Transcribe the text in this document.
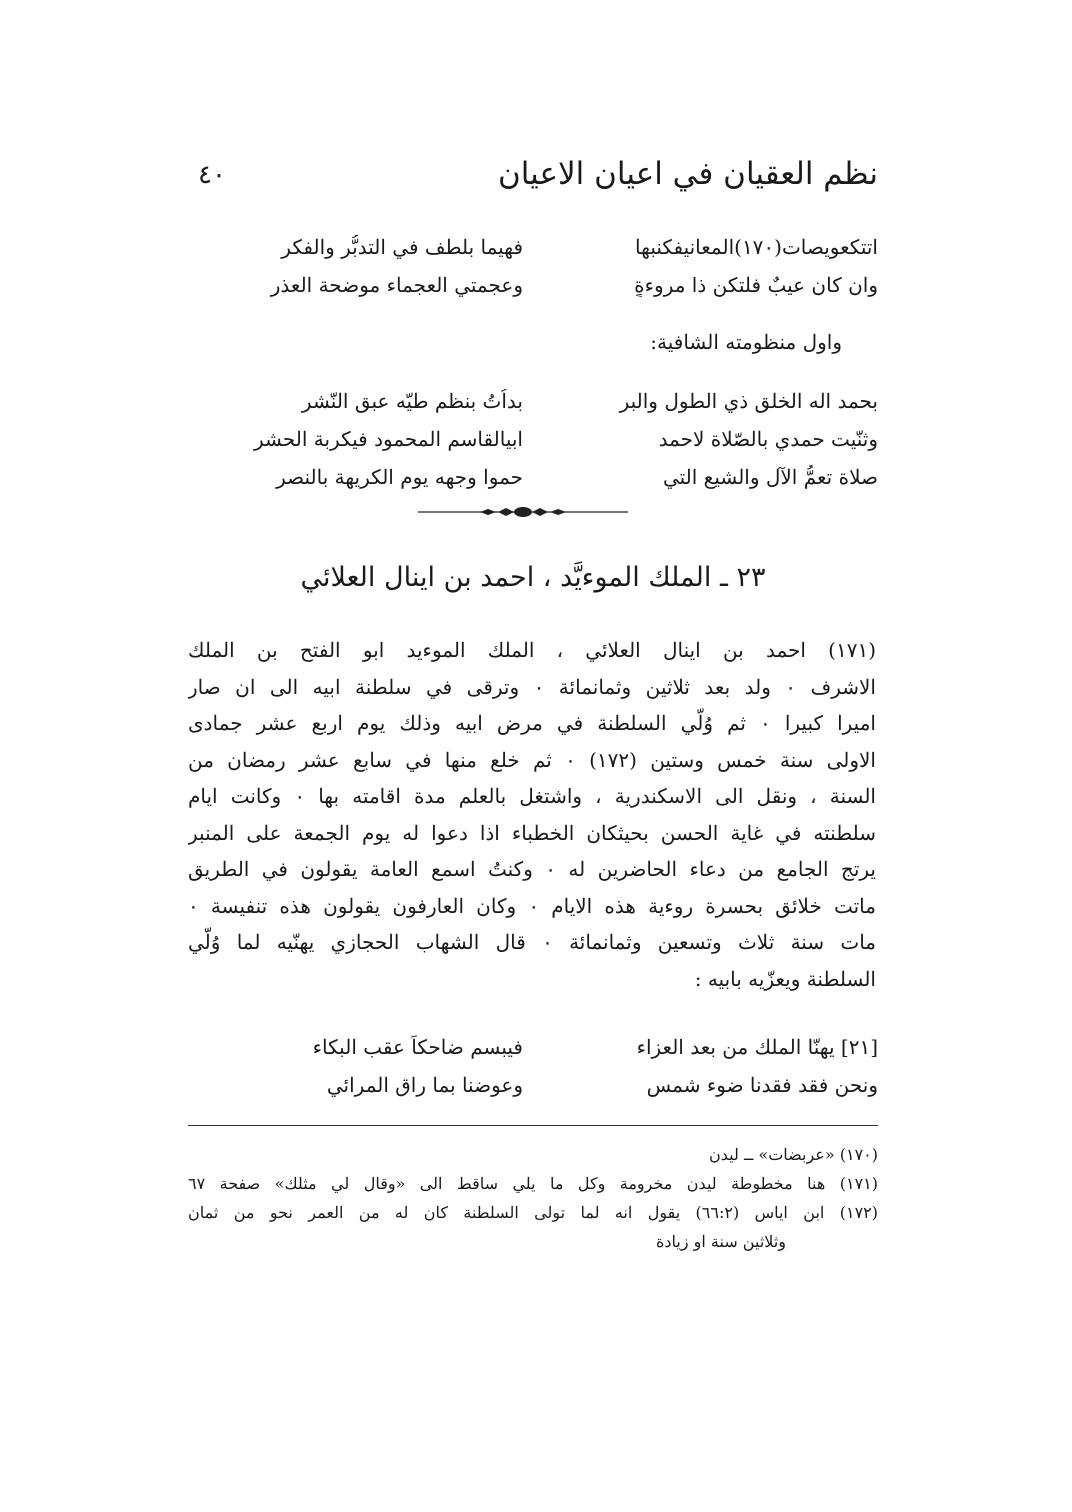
نظم العقيان في اعيان الاعيان
٤٠
اتتكعويصات(١٧٠)المعانيفكنبها
فهيما بلطف في التدبُّر والفكر
وان كان عيبٌ فلتكن ذا مروءةٍ
وعجمتي العجماء موضحة العذرِ
واول منظومته الشافية:
بحمد اله الخلق ذي الطول والبر
بداُتُ بنظم طيّه عبق النّشرِ
وثنّيت حمدي بالصّلاة لاحمد
ابيالقاسم المحمود فيكربة الحشر
صلاة تعمُّ الآل والشيع التي
حموا وجهه يوم الكريهة بالنصر
٢٣ ـ الملك الموءيَّد ، احمد بن اينال العلائي
(١٧١) احمد بن اينال العلائي ، الملك الموءيد ابو الفتح بن الملك
الاشرف ٠ ولد بعد ثلاثين وثمانمائة ٠ وترقى في سلطنة ابيه الى ان صار
اميرا كبيرا ٠ ثم وُلّي السلطنة في مرض ابيه وذلك يوم اربع عشر جمادى
الاولى سنة خمس وستين (١٧٢) ٠ ثم خلع منها في سابع عشر رمضان من
السنة ، ونقل الى الاسكندرية ، واشتغل بالعلم مدة اقامته بها ٠ وكانت ايام
سلطنته في غاية الحسن بحيثكان الخطباء اذا دعوا له يوم الجمعة على المنبر
يرتج الجامع من دعاء الحاضرين له ٠ وكنتُ اسمع العامة يقولون في الطريق
ماتت خلائق بحسرة روءية هذه الايام ٠ وكان العارفون يقولون هذه تنفيسة ٠
مات سنة ثلاث وتسعين وثمانمائة ٠ قال الشهاب الحجازي يهنّيه لما وُلّي
السلطنة ويعزّيه بابيه :
[٢١] يهنّا الملك من بعد العزاء
فيبسم ضاحكاً عقب البكاء
ونحن فقد فقدنا ضوء شمسٍ
وعوضنا بما راق المرائي
(١٧٠) «عربضات» ــ ليدن
(١٧١) هنا مخطوطة ليدن مخرومة وكل ما يلي ساقط الى «وقال لي مثلك» صفحة ٦٧
(١٧٢) ابن اياس (٦٦:٢) يقول انه لما تولى السلطنة كان له من العمر نحو من ثمان
وثلاثين سنة او زيادة
